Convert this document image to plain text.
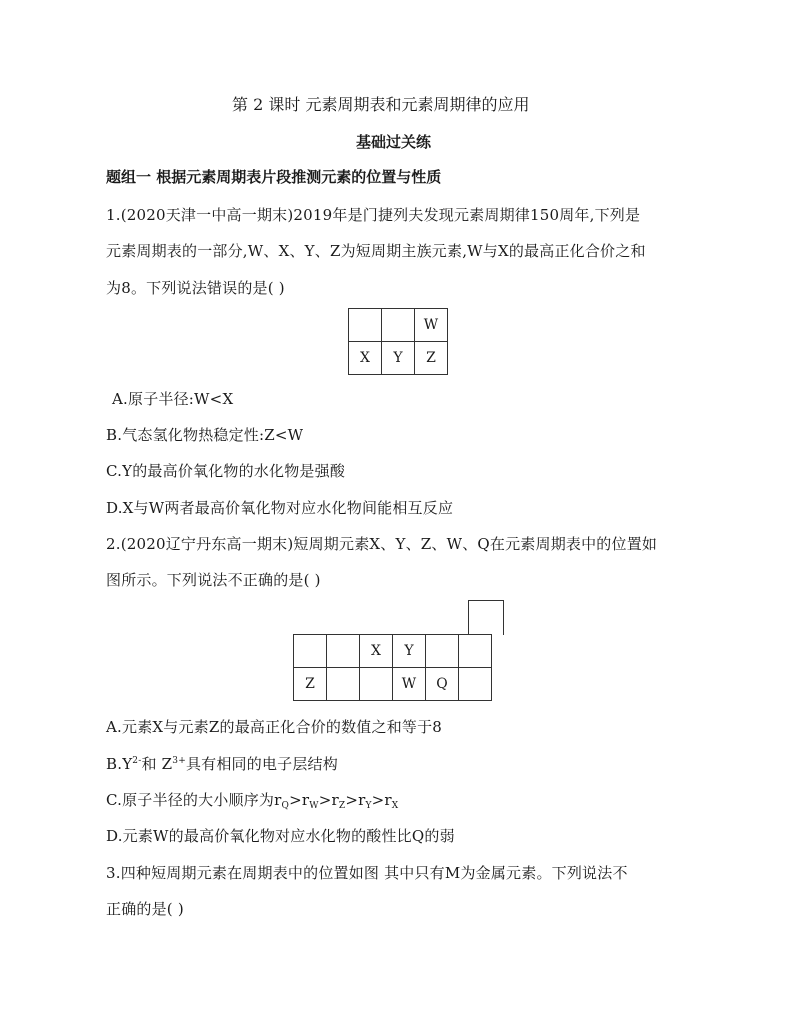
第 2 课时 元素周期表和元素周期律的应用
基础过关练
题组一 根据元素周期表片段推测元素的位置与性质
1.(2020天津一中高一期末)2019年是门捷列夫发现元素周期律150周年,下列是
元素周期表的一部分,W、X、Y、Z为短周期主族元素,W与X的最高正化合价之和
为8。下列说法错误的是( )
		W
X	Y	Z
A.原子半径:W<X
B.气态氢化物热稳定性:Z<W
C.Y的最高价氧化物的水化物是强酸
D.X与W两者最高价氧化物对应水化物间能相互反应
2.(2020辽宁丹东高一期末)短周期元素X、Y、Z、W、Q在元素周期表中的位置如
图所示。下列说法不正确的是( )
		X	Y		
Z			W	Q	
A.元素X与元素Z的最高正化合价的数值之和等于8
$B.Y^{2-}$和 $Z^{3+}$具有相同的电子层结构
C.原子半径的大小顺序为$r_Q>r_W>r_Z>r_Y>r_X$
D.元素W的最高价氧化物对应水化物的酸性比Q的弱
3.四种短周期元素在周期表中的位置如图 其中只有M为金属元素。下列说法不
正确的是( )
